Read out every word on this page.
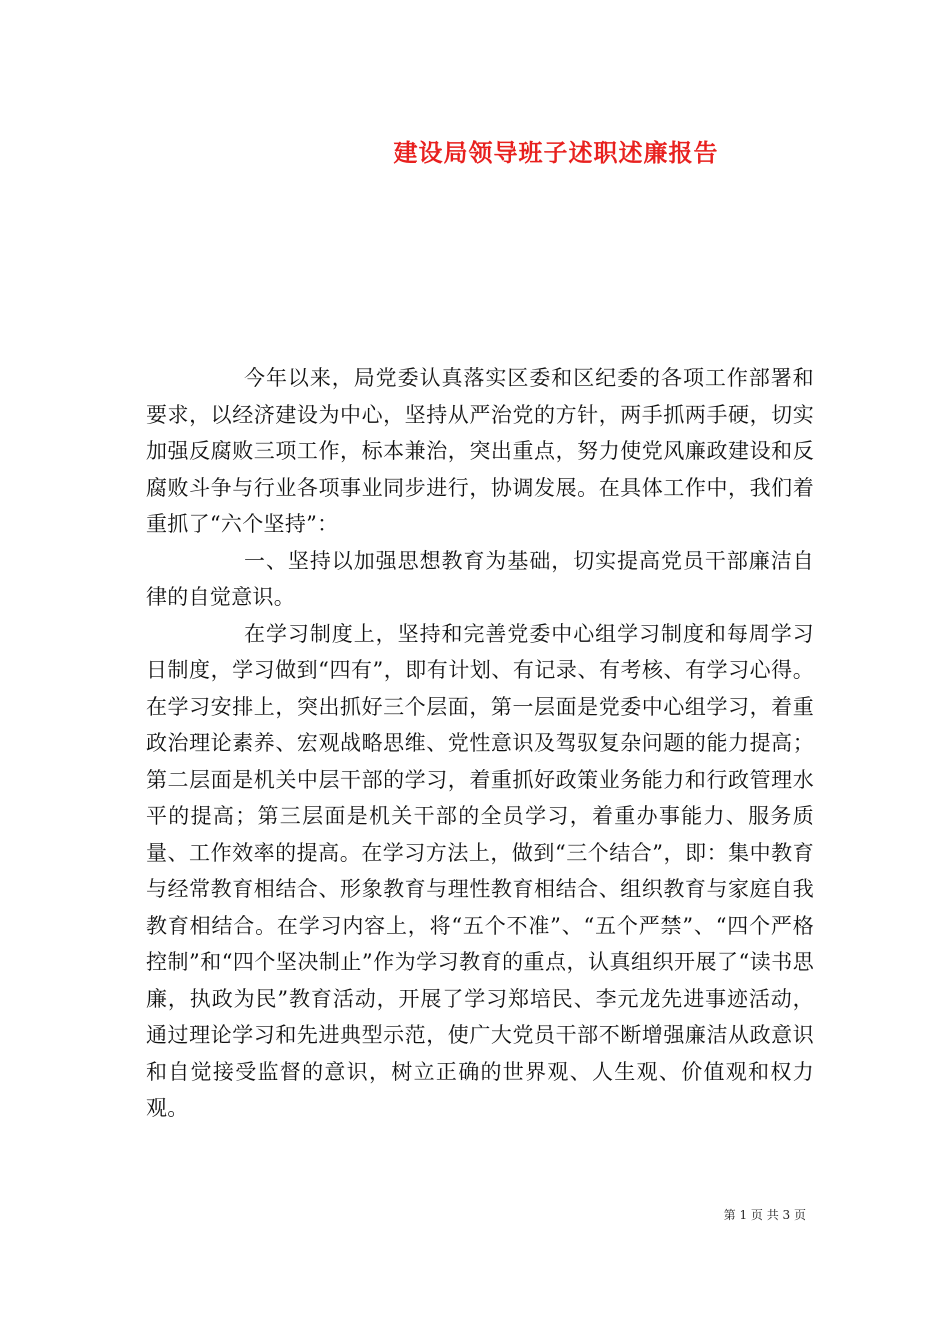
建设局领导班子述职述廉报告

今年以来，局党委认真落实区委和区纪委的各项工作部署和要求，以经济建设为中心，坚持从严治党的方针，两手抓两手硬，切实加强反腐败三项工作，标本兼治，突出重点，努力使党风廉政建设和反腐败斗争与行业各项事业同步进行，协调发展。在具体工作中，我们着重抓了“六个坚持”：

一、坚持以加强思想教育为基础，切实提高党员干部廉洁自律的自觉意识。

在学习制度上，坚持和完善党委中心组学习制度和每周学习日制度，学习做到“四有”，即有计划、有记录、有考核、有学习心得。在学习安排上，突出抓好三个层面，第一层面是党委中心组学习，着重政治理论素养、宏观战略思维、党性意识及驾驭复杂问题的能力提高；第二层面是机关中层干部的学习，着重抓好政策业务能力和行政管理水平的提高；第三层面是机关干部的全员学习，着重办事能力、服务质量、工作效率的提高。在学习方法上，做到“三个结合”，即：集中教育与经常教育相结合、形象教育与理性教育相结合、组织教育与家庭自我教育相结合。在学习内容上，将“五个不准”、“五个严禁”、“四个严格控制”和“四个坚决制止”作为学习教育的重点，认真组织开展了“读书思廉，执政为民”教育活动，开展了学习郑培民、李元龙先进事迹活动，通过理论学习和先进典型示范，使广大党员干部不断增强廉洁从政意识和自觉接受监督的意识，树立正确的世界观、人生观、价值观和权力观。

第 1 页 共 3 页
